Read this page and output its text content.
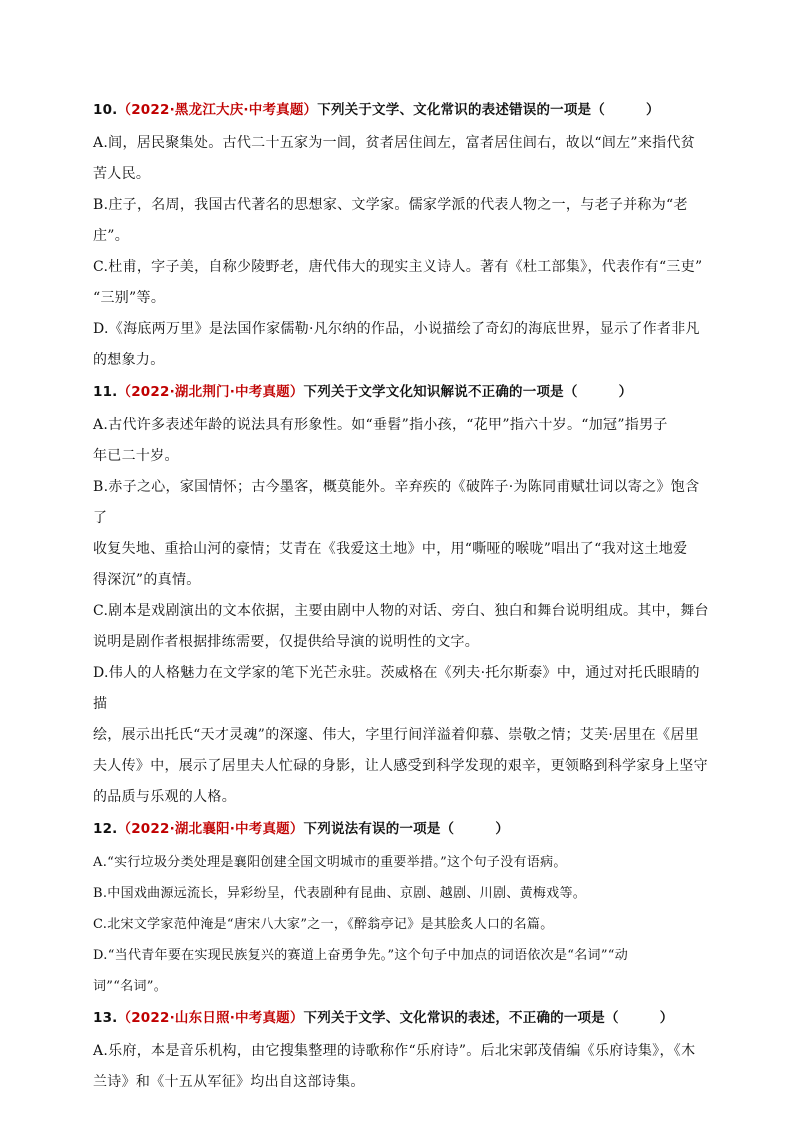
10.（2022·黑龙江大庆·中考真题）下列关于文学、文化常识的表述错误的一项是（　　　）

A.闾，居民聚集处。古代二十五家为一闾，贫者居住闾左，富者居住闾右，故以“闾左”来指代贫

苦人民。

B.庄子，名周，我国古代著名的思想家、文学家。儒家学派的代表人物之一，与老子并称为“老

庄”。

C.杜甫，字子美，自称少陵野老，唐代伟大的现实主义诗人。著有《杜工部集》，代表作有“三吏”

“三别”等。

D.《海底两万里》是法国作家儒勒·凡尔纳的作品，小说描绘了奇幻的海底世界，显示了作者非凡

的想象力。

11.（2022·湖北荆门·中考真题）下列关于文学文化知识解说不正确的一项是（　　　）

A.古代许多表述年龄的说法具有形象性。如“垂髫”指小孩，“花甲”指六十岁。“加冠”指男子

年已二十岁。

B.赤子之心，家国情怀；古今墨客，概莫能外。辛弃疾的《破阵子·为陈同甫赋壮词以寄之》饱含了

收复失地、重拾山河的豪情；艾青在《我爱这土地》中，用“嘶哑的喉咙”唱出了“我对这土地爱

得深沉”的真情。

C.剧本是戏剧演出的文本依据，主要由剧中人物的对话、旁白、独白和舞台说明组成。其中，舞台

说明是剧作者根据排练需要，仅提供给导演的说明性的文字。

D.伟人的人格魅力在文学家的笔下光芒永驻。茨威格在《列夫·托尔斯泰》中，通过对托氏眼睛的描

绘，展示出托氏“天才灵魂”的深邃、伟大，字里行间洋溢着仰慕、崇敬之情；艾芙·居里在《居里

夫人传》中，展示了居里夫人忙碌的身影，让人感受到科学发现的艰辛，更领略到科学家身上坚守

的品质与乐观的人格。

12.（2022·湖北襄阳·中考真题）下列说法有误的一项是（　　　）

A.“实行垃圾分类处理是襄阳创建全国文明城市的重要举措。”这个句子没有语病。

B.中国戏曲源远流长，异彩纷呈，代表剧种有昆曲、京剧、越剧、川剧、黄梅戏等。

C.北宋文学家范仲淹是“唐宋八大家”之一，《醉翁亭记》是其脍炙人口的名篇。

D.“当代青年要在实现民族复兴的赛道上奋勇争先。”这个句子中加点的词语依次是“名词”“动

词”“名词”。

13.（2022·山东日照·中考真题）下列关于文学、文化常识的表述，不正确的一项是（　　　）

A.乐府，本是音乐机构，由它搜集整理的诗歌称作“乐府诗”。后北宋郭茂倩编《乐府诗集》，《木

兰诗》和《十五从军征》均出自这部诗集。
